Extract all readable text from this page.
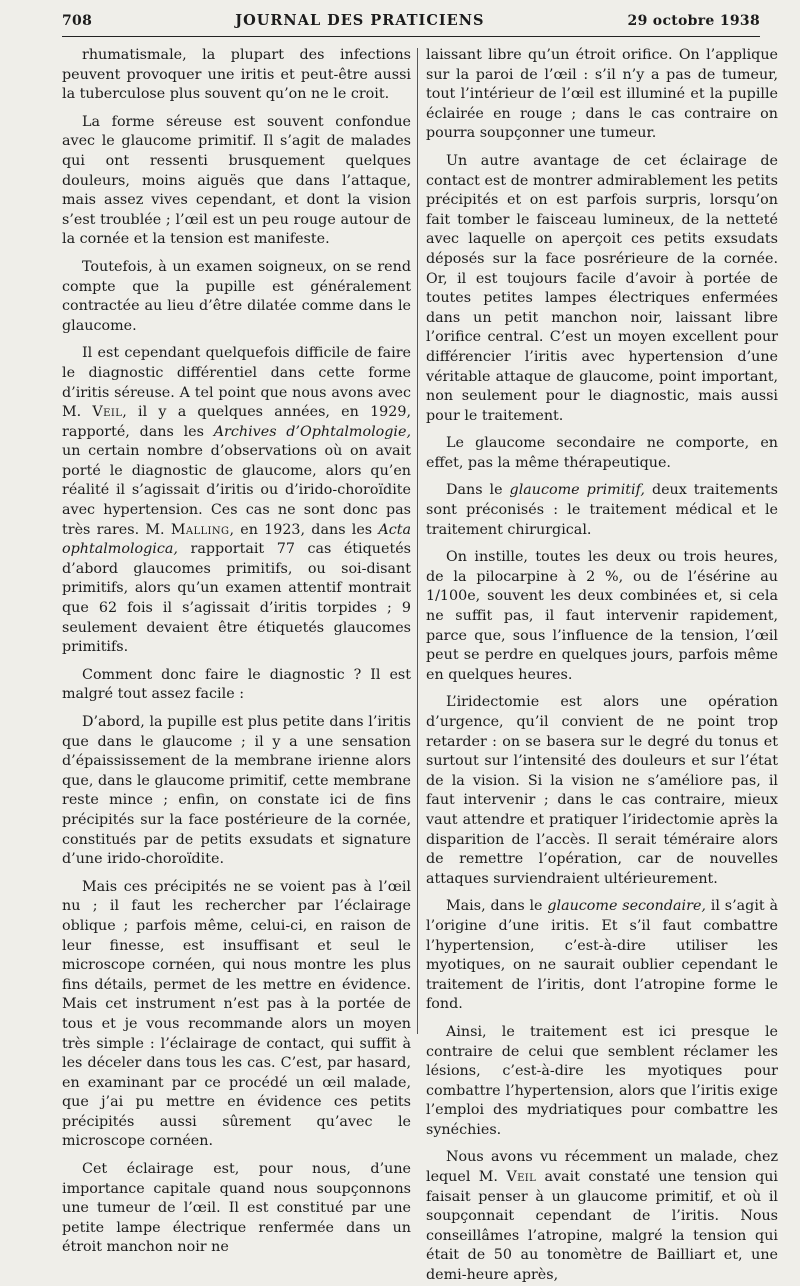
708	JOURNAL DES PRATICIENS	29 octobre 1938

rhumatismale, la plupart des infections peuvent provoquer une iritis et peut-être aussi la tuberculose plus souvent qu’on ne le croit.

La forme séreuse est souvent confondue avec le glaucome primitif. Il s’agit de malades qui ont ressenti brusquement quelques douleurs, moins aiguës que dans l’attaque, mais assez vives cependant, et dont la vision s’est troublée ; l’œil est un peu rouge autour de la cornée et la tension est manifeste.

Toutefois, à un examen soigneux, on se rend compte que la pupille est généralement contractée au lieu d’être dilatée comme dans le glaucome.

Il est cependant quelquefois difficile de faire le diagnostic différentiel dans cette forme d’iritis séreuse. A tel point que nous avons avec M. Veil, il y a quelques années, en 1929, rapporté, dans les Archives d’Ophtalmologie, un certain nombre d’observations où on avait porté le diagnostic de glaucome, alors qu’en réalité il s’agissait d’iritis ou d’irido-choroïdite avec hypertension. Ces cas ne sont donc pas très rares. M. Malling, en 1923, dans les Acta ophtalmologica, rapportait 77 cas étiquetés d’abord glaucomes primitifs, ou soi-disant primitifs, alors qu’un examen attentif montrait que 62 fois il s’agissait d’iritis torpides ; 9 seulement devaient être étiquetés glaucomes primitifs.

Comment donc faire le diagnostic ? Il est malgré tout assez facile :

D’abord, la pupille est plus petite dans l’iritis que dans le glaucome ; il y a une sensation d’épaississement de la membrane irienne alors que, dans le glaucome primitif, cette membrane reste mince ; enfin, on constate ici de fins précipités sur la face postérieure de la cornée, constitués par de petits exsudats et signature d’une irido-choroïdite.

Mais ces précipités ne se voient pas à l’œil nu ; il faut les rechercher par l’éclairage oblique ; parfois même, celui-ci, en raison de leur finesse, est insuffisant et seul le microscope cornéen, qui nous montre les plus fins détails, permet de les mettre en évidence. Mais cet instrument n’est pas à la portée de tous et je vous recommande alors un moyen très simple : l’éclairage de contact, qui suffit à les déceler dans tous les cas. C’est, par hasard, en examinant par ce procédé un œil malade, que j’ai pu mettre en évidence ces petits précipités aussi sûrement qu’avec le microscope cornéen.

Cet éclairage est, pour nous, d’une importance capitale quand nous soupçonnons une tumeur de l’œil. Il est constitué par une petite lampe électrique renfermée dans un étroit manchon noir ne

laissant libre qu’un étroit orifice. On l’applique sur la paroi de l’œil : s’il n’y a pas de tumeur, tout l’intérieur de l’œil est illuminé et la pupille éclairée en rouge ; dans le cas contraire on pourra soupçonner une tumeur.

Un autre avantage de cet éclairage de contact est de montrer admirablement les petits précipités et on est parfois surpris, lorsqu’on fait tomber le faisceau lumineux, de la netteté avec laquelle on aperçoit ces petits exsudats déposés sur la face posrérieure de la cornée. Or, il est toujours facile d’avoir à portée de toutes petites lampes électriques enfermées dans un petit manchon noir, laissant libre l’orifice central. C’est un moyen excellent pour différencier l’iritis avec hypertension d’une véritable attaque de glaucome, point important, non seulement pour le diagnostic, mais aussi pour le traitement.

Le glaucome secondaire ne comporte, en effet, pas la même thérapeutique.

Dans le glaucome primitif, deux traitements sont préconisés : le traitement médical et le traitement chirurgical.

On instille, toutes les deux ou trois heures, de la pilocarpine à 2 %, ou de l’ésérine au 1/100e, souvent les deux combinées et, si cela ne suffit pas, il faut intervenir rapidement, parce que, sous l’influence de la tension, l’œil peut se perdre en quelques jours, parfois même en quelques heures.

L’iridectomie est alors une opération d’urgence, qu’il convient de ne point trop retarder : on se basera sur le degré du tonus et surtout sur l’intensité des douleurs et sur l’état de la vision. Si la vision ne s’améliore pas, il faut intervenir ; dans le cas contraire, mieux vaut attendre et pratiquer l’iridectomie après la disparition de l’accès. Il serait téméraire alors de remettre l’opération, car de nouvelles attaques surviendraient ultérieurement.

Mais, dans le glaucome secondaire, il s’agit à l’origine d’une iritis. Et s’il faut combattre l’hypertension, c’est-à-dire utiliser les myotiques, on ne saurait oublier cependant le traitement de l’iritis, dont l’atropine forme le fond.

Ainsi, le traitement est ici presque le contraire de celui que semblent réclamer les lésions, c’est-à-dire les myotiques pour combattre l’hypertension, alors que l’iritis exige l’emploi des mydriatiques pour combattre les synéchies.

Nous avons vu récemment un malade, chez lequel M. Veil avait constaté une tension qui faisait penser à un glaucome primitif, et où il soupçonnait cependant de l’iritis. Nous conseillâmes l’atropine, malgré la tension qui était de 50 au tonomètre de Bailliart et, une demi-heure après,
